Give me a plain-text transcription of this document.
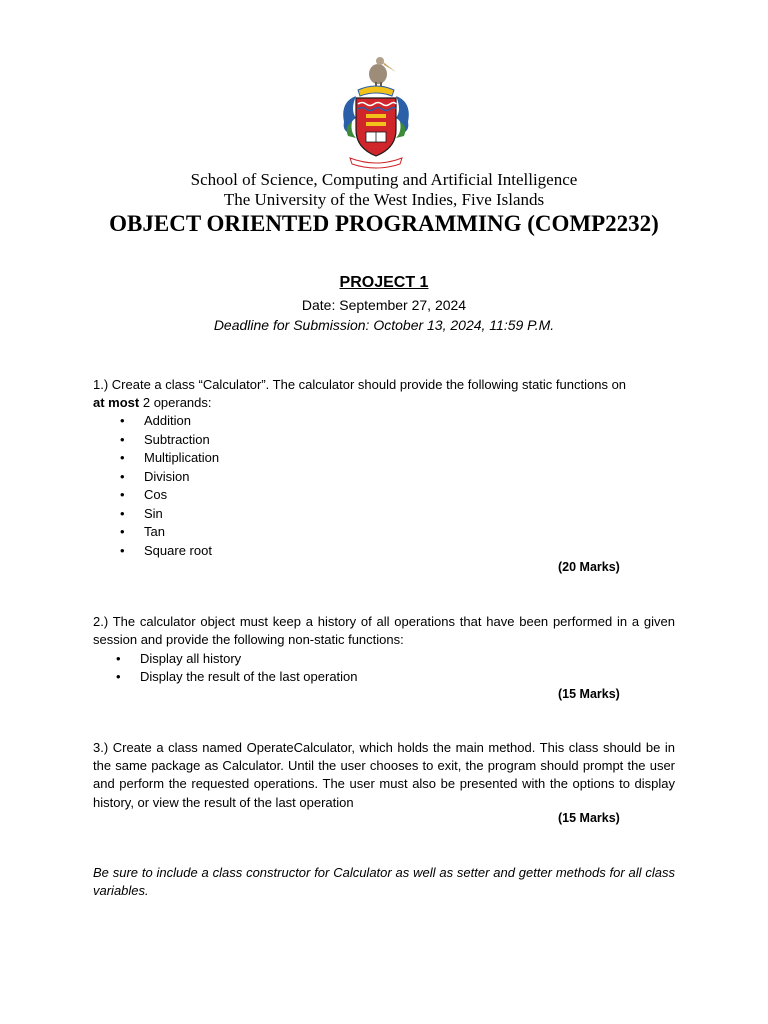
School of Science, Computing and Artificial Intelligence
The University of the West Indies, Five Islands
OBJECT ORIENTED PROGRAMMING (COMP2232)
PROJECT 1
Date: September 27, 2024
Deadline for Submission: October 13, 2024, 11:59 P.M.
1.) Create a class “Calculator”. The calculator should provide the following static functions on
at most 2 operands:
• Addition
• Subtraction
• Multiplication
• Division
• Cos
• Sin
• Tan
• Square root
(20 Marks)
2.) The calculator object must keep a history of all operations that have been performed in a given session and provide the following non-static functions:
• Display all history
• Display the result of the last operation
(15 Marks)
3.) Create a class named OperateCalculator, which holds the main method. This class should be in the same package as Calculator. Until the user chooses to exit, the program should prompt the user and perform the requested operations. The user must also be presented with the options to display history, or view the result of the last operation
(15 Marks)
Be sure to include a class constructor for Calculator as well as setter and getter methods for all class variables.
